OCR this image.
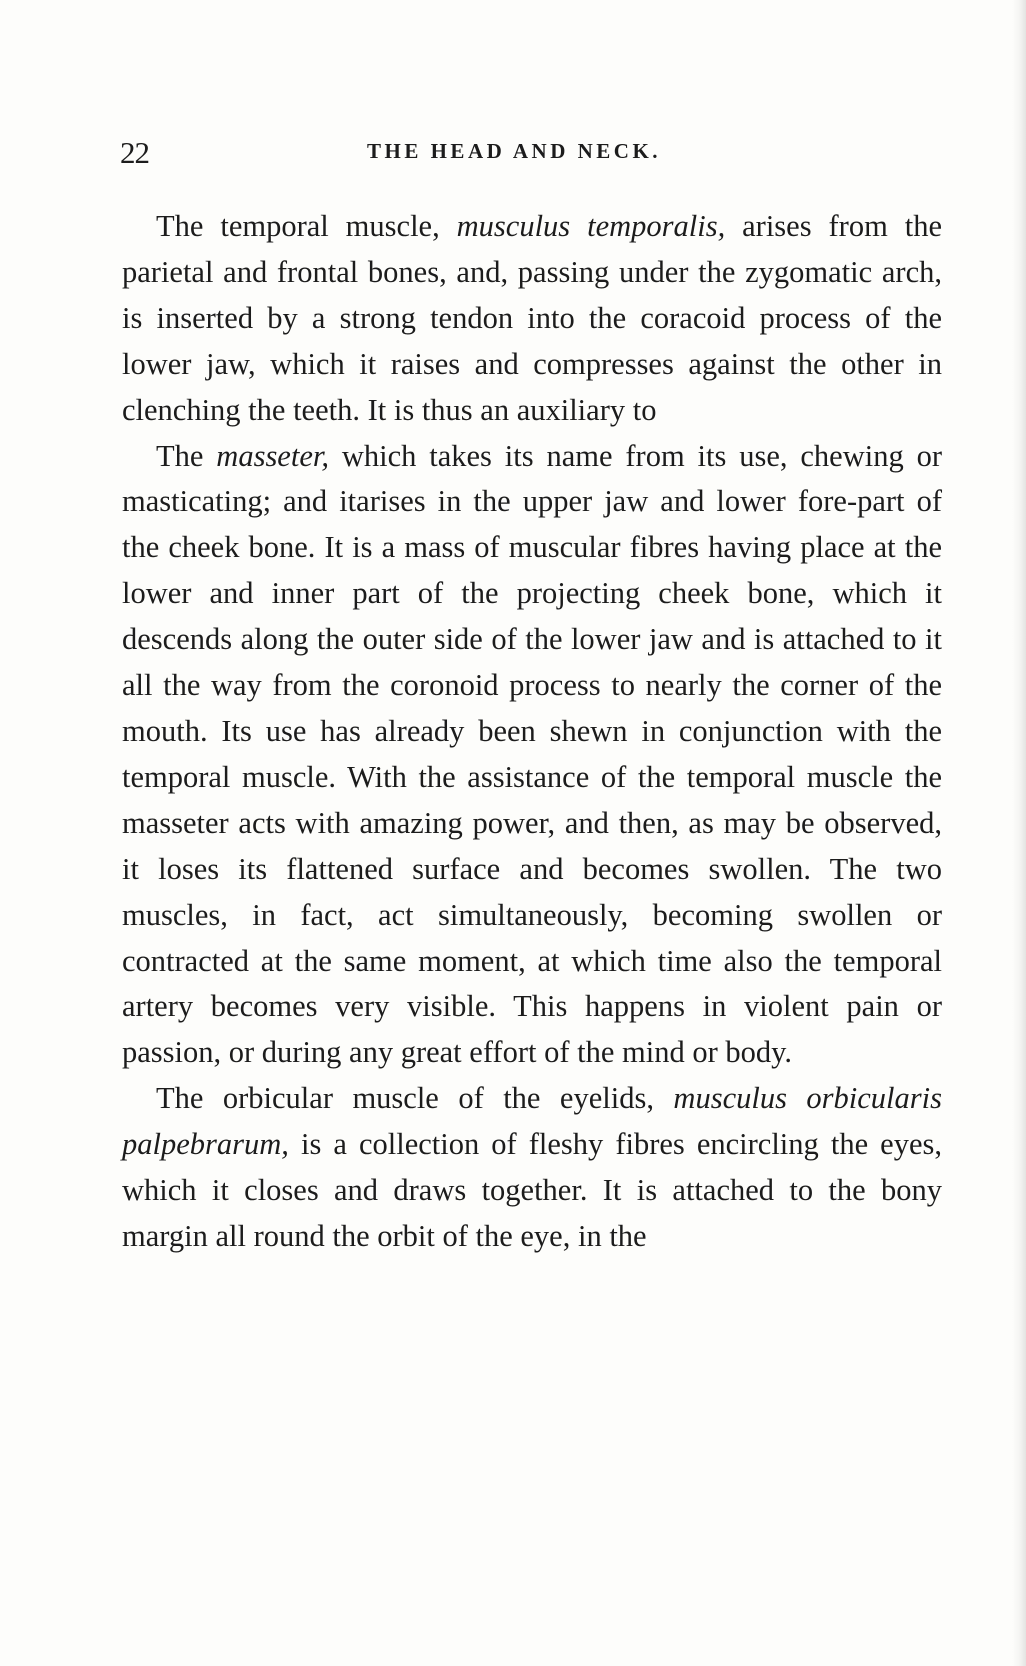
22	THE HEAD AND NECK.

The temporal muscle, musculus temporalis, arises from the parietal and frontal bones, and, passing under the zygomatic arch, is inserted by a strong tendon into the coracoid process of the lower jaw, which it raises and compresses against the other in clenching the teeth. It is thus an auxiliary to

The masseter, which takes its name from its use, chewing or masticating; and itarises in the upper jaw and lower fore-part of the cheek bone. It is a mass of muscular fibres having place at the lower and inner part of the projecting cheek bone, which it descends along the outer side of the lower jaw and is attached to it all the way from the coronoid process to nearly the corner of the mouth. Its use has already been shewn in conjunction with the temporal muscle. With the assistance of the temporal muscle the masseter acts with amazing power, and then, as may be observed, it loses its flattened surface and becomes swollen. The two muscles, in fact, act simultaneously, becoming swollen or contracted at the same moment, at which time also the temporal artery becomes very visible. This happens in violent pain or passion, or during any great effort of the mind or body.

The orbicular muscle of the eyelids, musculus orbicularis palpebrarum, is a collection of fleshy fibres encircling the eyes, which it closes and draws together. It is attached to the bony margin all round the orbit of the eye, in the
